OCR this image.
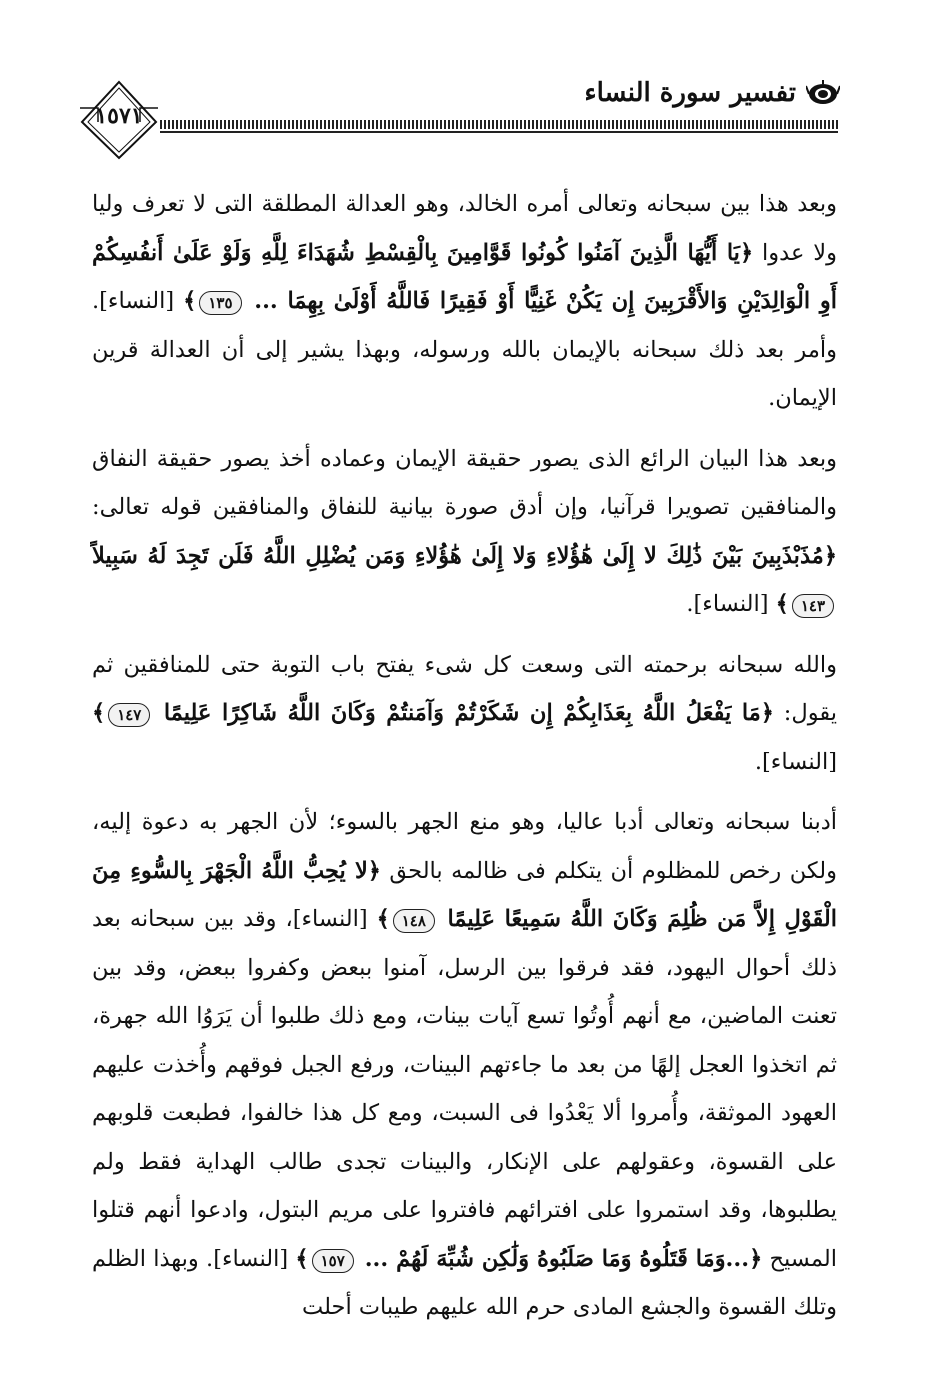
تفسير سورة النساء
١٥٧١

وبعد هذا بين سبحانه وتعالى أمره الخالد، وهو العدالة المطلقة التى لا تعرف وليا ولا عدوا ﴿يَا أَيُّهَا الَّذِينَ آمَنُوا كُونُوا قَوَّامِينَ بِالْقِسْطِ شُهَدَاءَ لِلَّهِ وَلَوْ عَلَىٰ أَنفُسِكُمْ أَوِ الْوَالِدَيْنِ وَالأَقْرَبِينَ إِن يَكُنْ غَنِيًّا أَوْ فَقِيرًا فَاللَّهُ أَوْلَىٰ بِهِمَا ... ١٣٥﴾ [النساء]. وأمر بعد ذلك سبحانه بالإيمان بالله ورسوله، وبهذا يشير إلى أن العدالة قرين الإيمان.

وبعد هذا البيان الرائع الذى يصور حقيقة الإيمان وعماده أخذ يصور حقيقة النفاق والمنافقين تصويرا قرآنيا، وإن أدق صورة بيانية للنفاق والمنافقين قوله تعالى: ﴿مُذَبْذَبِينَ بَيْنَ ذَٰلِكَ لا إِلَىٰ هَٰؤُلاءِ وَلا إِلَىٰ هَٰؤُلاءِ وَمَن يُضْلِلِ اللَّهُ فَلَن تَجِدَ لَهُ سَبِيلاً ١٤٣﴾ [النساء].

والله سبحانه برحمته التى وسعت كل شىء يفتح باب التوبة حتى للمنافقين ثم يقول: ﴿مَا يَفْعَلُ اللَّهُ بِعَذَابِكُمْ إِن شَكَرْتُمْ وَآمَنتُمْ وَكَانَ اللَّهُ شَاكِرًا عَلِيمًا ١٤٧﴾ [النساء].

أدبنا سبحانه وتعالى أدبا عاليا، وهو منع الجهر بالسوء؛ لأن الجهر به دعوة إليه، ولكن رخص للمظلوم أن يتكلم فى ظالمه بالحق ﴿لا يُحِبُّ اللَّهُ الْجَهْرَ بِالسُّوءِ مِنَ الْقَوْلِ إِلاَّ مَن ظُلِمَ وَكَانَ اللَّهُ سَمِيعًا عَلِيمًا ١٤٨﴾ [النساء]، وقد بين سبحانه بعد ذلك أحوال اليهود، فقد فرقوا بين الرسل، آمنوا ببعض وكفروا ببعض، وقد بين تعنت الماضين، مع أنهم أُوتُوا تسع آيات بينات، ومع ذلك طلبوا أن يَرَوُا الله جهرة، ثم اتخذوا العجل إلهًا من بعد ما جاءتهم البينات، ورفع الجبل فوقهم وأُخذت عليهم العهود الموثقة، وأُمروا ألا يَعْدُوا فى السبت، ومع كل هذا خالفوا، فطبعت قلوبهم على القسوة، وعقولهم على الإنكار، والبينات تجدى طالب الهداية فقط ولم يطلبوها، وقد استمروا على افترائهم فافتروا على مريم البتول، وادعوا أنهم قتلوا المسيح ﴿...وَمَا قَتَلُوهُ وَمَا صَلَبُوهُ وَلَٰكِن شُبِّهَ لَهُمْ ... ١٥٧﴾ [النساء]. وبهذا الظلم وتلك القسوة والجشع المادى حرم الله عليهم طيبات أحلت
